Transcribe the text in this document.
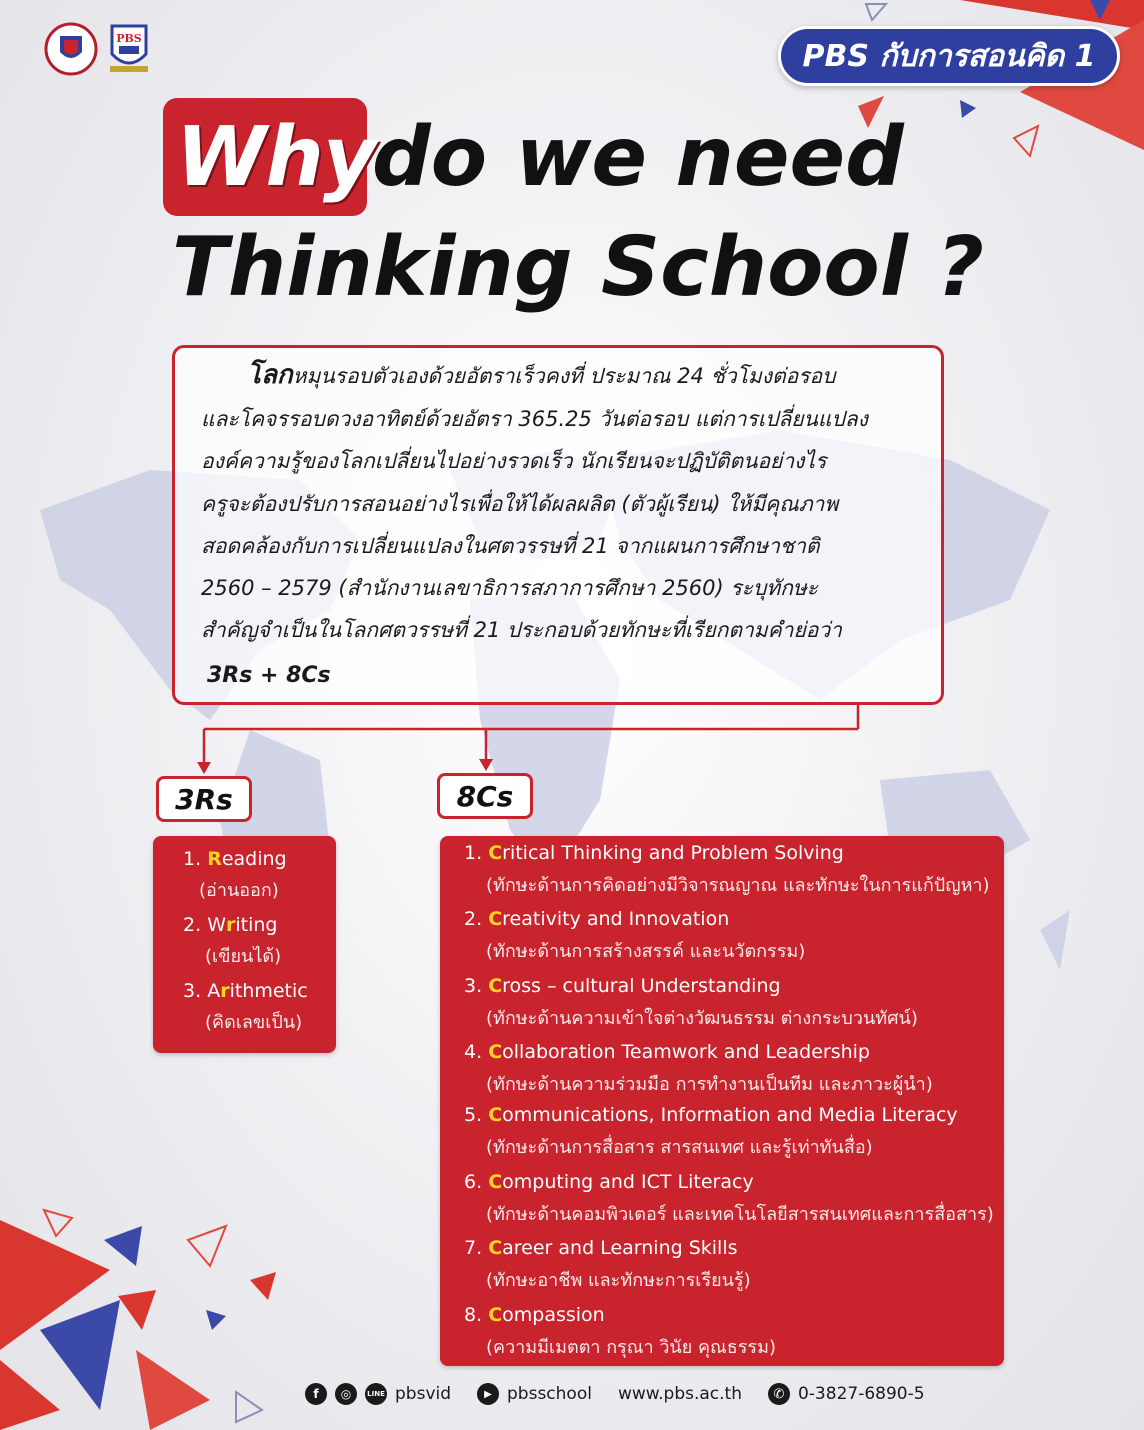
PBS	PBS กับการสอนคิด 1
Why
do we need
Thinking School ?
โลกหมุนรอบตัวเองด้วยอัตราเร็วคงที่ ประมาณ 24 ชั่วโมงต่อรอบ
และโคจรรอบดวงอาทิตย์ด้วยอัตรา 365.25 วันต่อรอบ แต่การเปลี่ยนแปลง
องค์ความรู้ของโลกเปลี่ยนไปอย่างรวดเร็ว นักเรียนจะปฏิบัติตนอย่างไร
ครูจะต้องปรับการสอนอย่างไรเพื่อให้ได้ผลผลิต (ตัวผู้เรียน) ให้มีคุณภาพ
สอดคล้องกับการเปลี่ยนแปลงในศตวรรษที่ 21 จากแผนการศึกษาชาติ
2560 – 2579 (สำนักงานเลขาธิการสภาการศึกษา 2560) ระบุทักษะ
สำคัญจำเป็นในโลกศตวรรษที่ 21 ประกอบด้วยทักษะที่เรียกตามคำย่อว่า
3Rs + 8Cs
3Rs	8Cs
1. Reading
(อ่านออก)
2. Writing
(เขียนได้)
3. Arithmetic
(คิดเลขเป็น)
1. Critical Thinking and Problem Solving
(ทักษะด้านการคิดอย่างมีวิจารณญาณ และทักษะในการแก้ปัญหา)
2. Creativity and Innovation
(ทักษะด้านการสร้างสรรค์ และนวัตกรรม)
3. Cross – cultural Understanding
(ทักษะด้านความเข้าใจต่างวัฒนธรรม ต่างกระบวนทัศน์)
4. Collaboration Teamwork and Leadership
(ทักษะด้านความร่วมมือ การทำงานเป็นทีม และภาวะผู้นำ)
5. Communications, Information and Media Literacy
(ทักษะด้านการสื่อสาร สารสนเทศ และรู้เท่าทันสื่อ)
6. Computing and ICT Literacy
(ทักษะด้านคอมพิวเตอร์ และเทคโนโลยีสารสนเทศและการสื่อสาร)
7. Career and Learning Skills
(ทักษะอาชีพ และทักษะการเรียนรู้)
8. Compassion
(ความมีเมตตา กรุณา วินัย คุณธรรม)
f	◎	LINE pbsvid	▶ pbsschool www.pbs.ac.th	✆ 0-3827-6890-5
